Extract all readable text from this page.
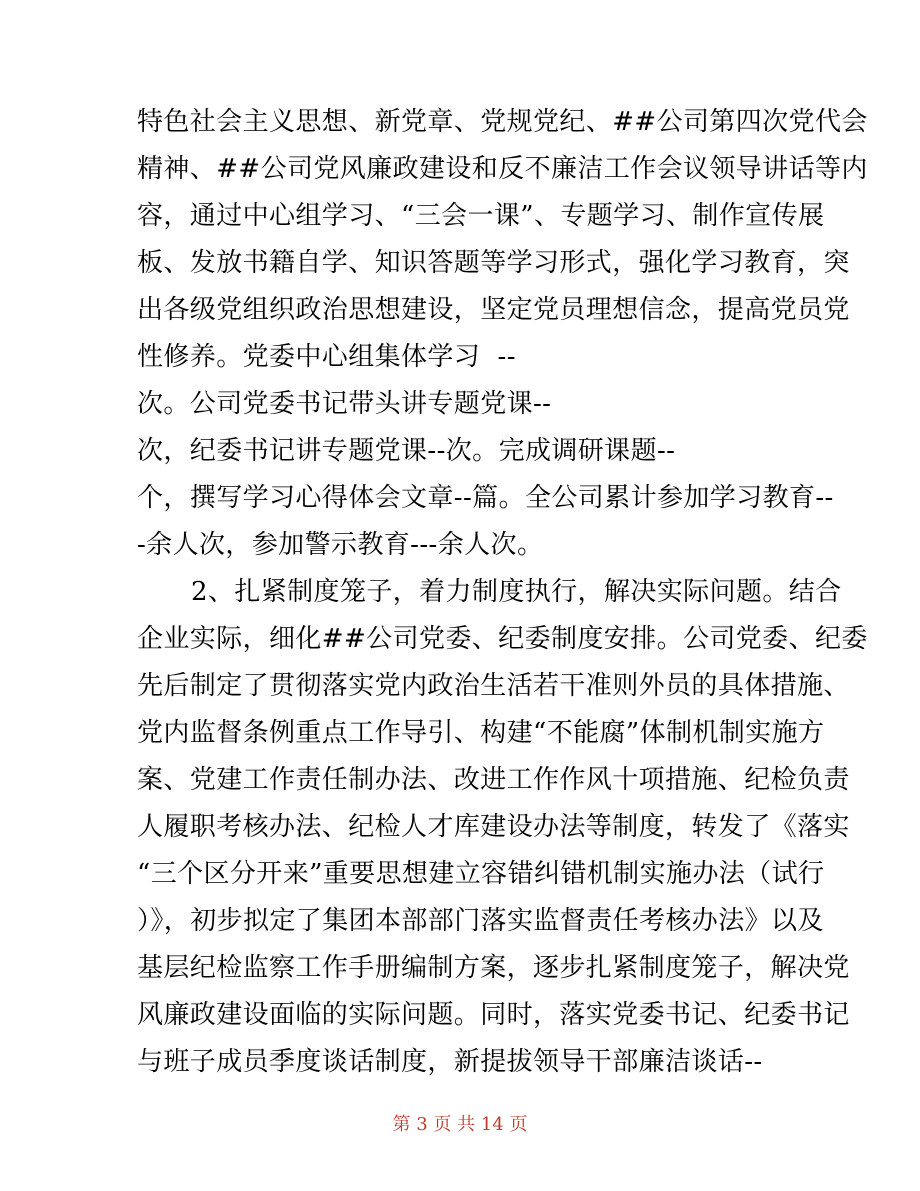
特色社会主义思想、新党章、党规党纪、##公司第四次党代会
精神、##公司党风廉政建设和反不廉洁工作会议领导讲话等内
容，通过中心组学习、“三会一课”、专题学习、制作宣传展
板、发放书籍自学、知识答题等学习形式，强化学习教育，突
出各级党组织政治思想建设，坚定党员理想信念，提高党员党
性修养。党委中心组集体学习  --
次。公司党委书记带头讲专题党课--
次，纪委书记讲专题党课--次。完成调研课题--
个，撰写学习心得体会文章--篇。全公司累计参加学习教育--
-余人次，参加警示教育---余人次。
2、扎紧制度笼子，着力制度执行，解决实际问题。结合
企业实际，细化##公司党委、纪委制度安排。公司党委、纪委
先后制定了贯彻落实党内政治生活若干准则外员的具体措施、
党内监督条例重点工作导引、构建“不能腐”体制机制实施方
案、党建工作责任制办法、改进工作作风十项措施、纪检负责
人履职考核办法、纪检人才库建设办法等制度，转发了《落实
“三个区分开来”重要思想建立容错纠错机制实施办法（试行
）》，初步拟定了集团本部部门落实监督责任考核办法》以及
基层纪检监察工作手册编制方案，逐步扎紧制度笼子，解决党
风廉政建设面临的实际问题。同时，落实党委书记、纪委书记
与班子成员季度谈话制度，新提拔领导干部廉洁谈话--
第 3 页 共 14 页
